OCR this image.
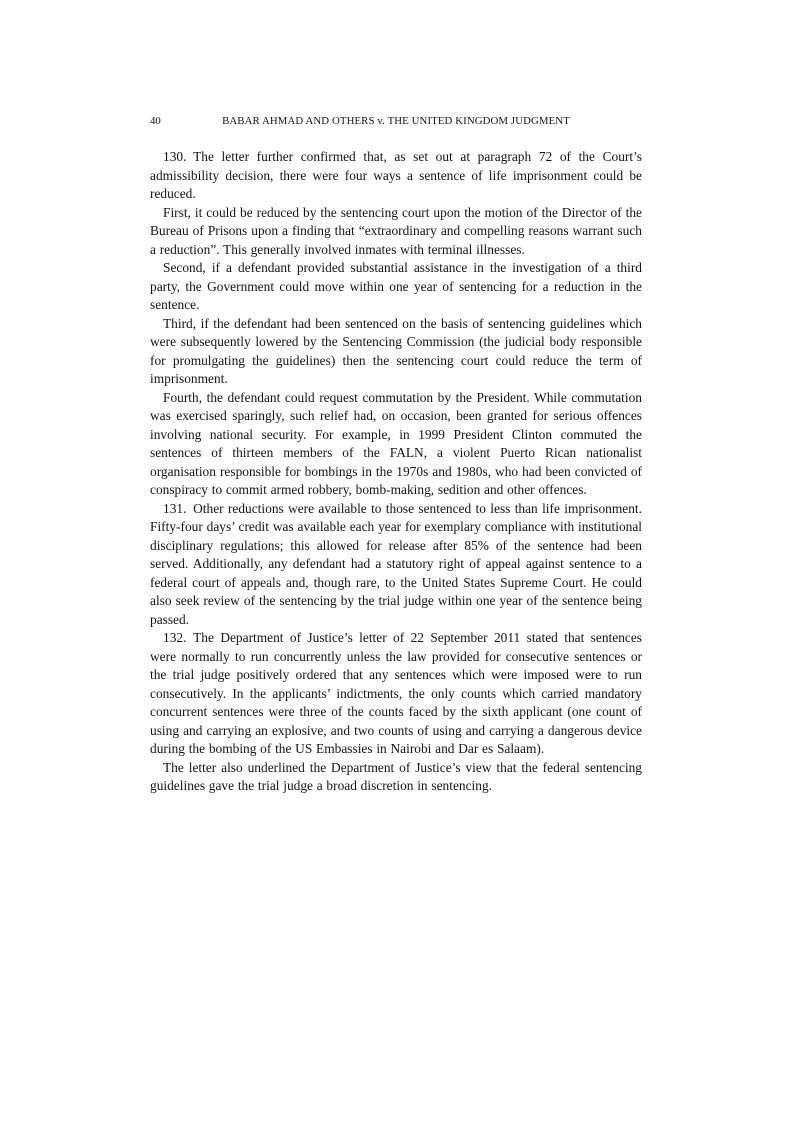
40	BABAR AHMAD AND OTHERS v. THE UNITED KINGDOM JUDGMENT

130. The letter further confirmed that, as set out at paragraph 72 of the Court’s admissibility decision, there were four ways a sentence of life imprisonment could be reduced.

First, it could be reduced by the sentencing court upon the motion of the Director of the Bureau of Prisons upon a finding that “extraordinary and compelling reasons warrant such a reduction”. This generally involved inmates with terminal illnesses.

Second, if a defendant provided substantial assistance in the investigation of a third party, the Government could move within one year of sentencing for a reduction in the sentence.

Third, if the defendant had been sentenced on the basis of sentencing guidelines which were subsequently lowered by the Sentencing Commission (the judicial body responsible for promulgating the guidelines) then the sentencing court could reduce the term of imprisonment.

Fourth, the defendant could request commutation by the President. While commutation was exercised sparingly, such relief had, on occasion, been granted for serious offences involving national security. For example, in 1999 President Clinton commuted the sentences of thirteen members of the FALN, a violent Puerto Rican nationalist organisation responsible for bombings in the 1970s and 1980s, who had been convicted of conspiracy to commit armed robbery, bomb-making, sedition and other offences.

131. Other reductions were available to those sentenced to less than life imprisonment. Fifty-four days’ credit was available each year for exemplary compliance with institutional disciplinary regulations; this allowed for release after 85% of the sentence had been served. Additionally, any defendant had a statutory right of appeal against sentence to a federal court of appeals and, though rare, to the United States Supreme Court. He could also seek review of the sentencing by the trial judge within one year of the sentence being passed.

132. The Department of Justice’s letter of 22 September 2011 stated that sentences were normally to run concurrently unless the law provided for consecutive sentences or the trial judge positively ordered that any sentences which were imposed were to run consecutively. In the applicants’ indictments, the only counts which carried mandatory concurrent sentences were three of the counts faced by the sixth applicant (one count of using and carrying an explosive, and two counts of using and carrying a dangerous device during the bombing of the US Embassies in Nairobi and Dar es Salaam).

The letter also underlined the Department of Justice’s view that the federal sentencing guidelines gave the trial judge a broad discretion in sentencing.
